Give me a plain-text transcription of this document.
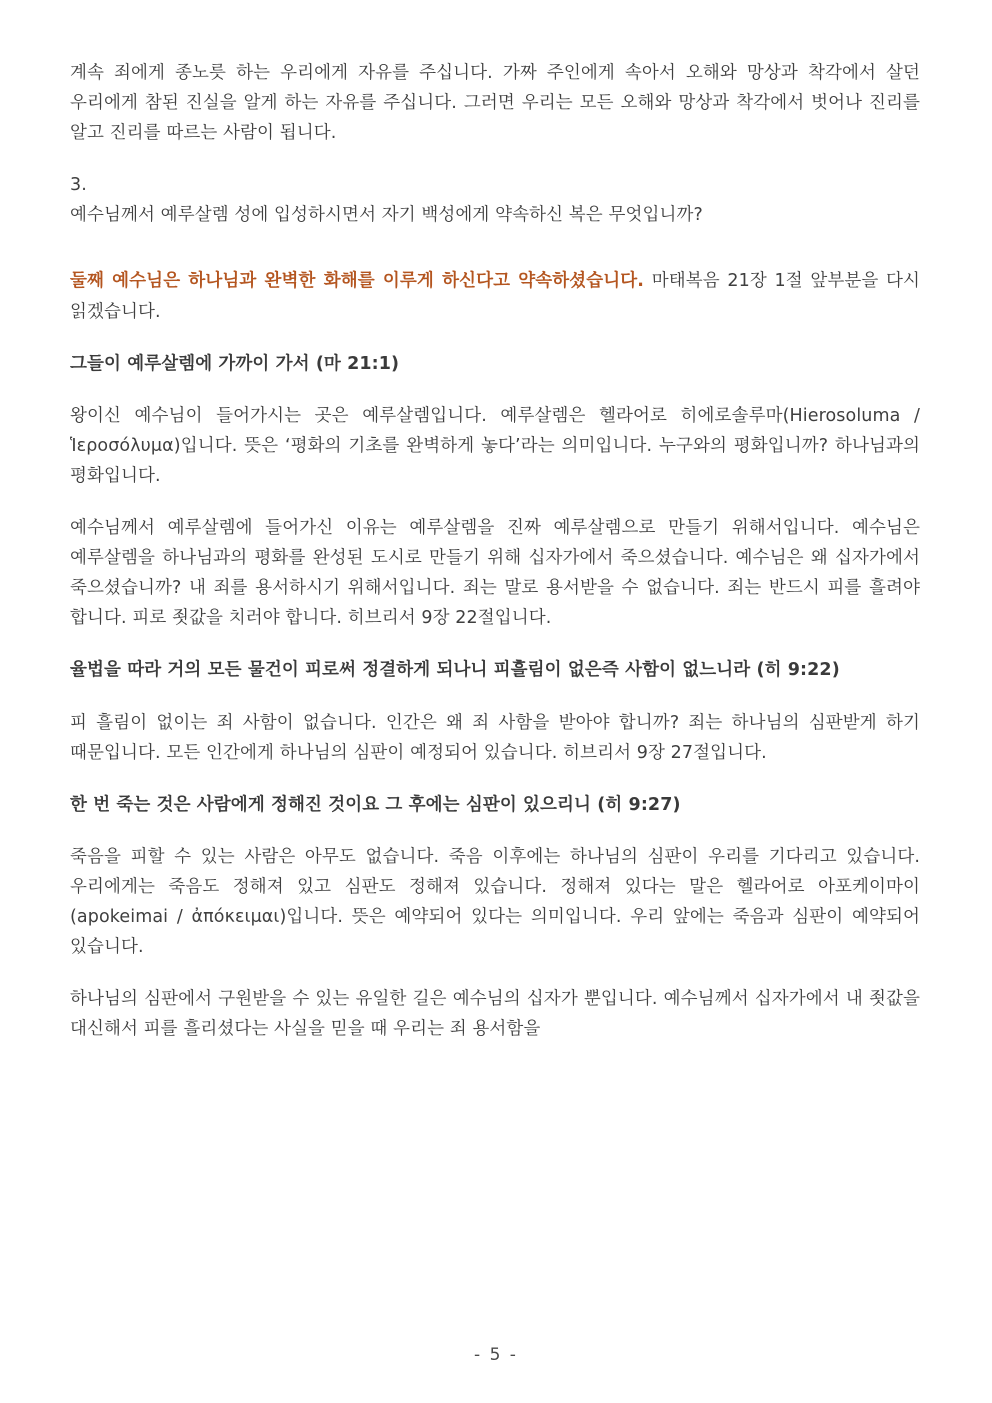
계속 죄에게 종노릇 하는 우리에게 자유를 주십니다. 가짜 주인에게 속아서 오해와 망상과 착각에서 살던 우리에게 참된 진실을 알게 하는 자유를 주십니다. 그러면 우리는 모든 오해와 망상과 착각에서 벗어나 진리를 알고 진리를 따르는 사람이 됩니다.

3.

예수님께서 예루살렘 성에 입성하시면서 자기 백성에게 약속하신 복은 무엇입니까?

둘째 예수님은 하나님과 완벽한 화해를 이루게 하신다고 약속하셨습니다. 마태복음 21장 1절 앞부분을 다시 읽겠습니다.

그들이 예루살렘에 가까이 가서 (마 21:1)

왕이신 예수님이 들어가시는 곳은 예루살렘입니다. 예루살렘은 헬라어로 히에로솔루마(Hierosoluma / Ἱεροσόλυμα)입니다. 뜻은 ‘평화의 기초를 완벽하게 놓다’라는 의미입니다. 누구와의 평화입니까? 하나님과의 평화입니다.

예수님께서 예루살렘에 들어가신 이유는 예루살렘을 진짜 예루살렘으로 만들기 위해서입니다. 예수님은 예루살렘을 하나님과의 평화를 완성된 도시로 만들기 위해 십자가에서 죽으셨습니다. 예수님은 왜 십자가에서 죽으셨습니까? 내 죄를 용서하시기 위해서입니다. 죄는 말로 용서받을 수 없습니다. 죄는 반드시 피를 흘려야 합니다. 피로 죗값을 치러야 합니다. 히브리서 9장 22절입니다.

율법을 따라 거의 모든 물건이 피로써 정결하게 되나니 피흘림이 없은즉 사함이 없느니라 (히 9:22)

피 흘림이 없이는 죄 사함이 없습니다. 인간은 왜 죄 사함을 받아야 합니까? 죄는 하나님의 심판받게 하기 때문입니다. 모든 인간에게 하나님의 심판이 예정되어 있습니다. 히브리서 9장 27절입니다.

한 번 죽는 것은 사람에게 정해진 것이요 그 후에는 심판이 있으리니 (히 9:27)

죽음을 피할 수 있는 사람은 아무도 없습니다. 죽음 이후에는 하나님의 심판이 우리를 기다리고 있습니다. 우리에게는 죽음도 정해져 있고 심판도 정해져 있습니다. 정해져 있다는 말은 헬라어로 아포케이마이(apokeimai / ἀπόκειμαι)입니다. 뜻은 예약되어 있다는 의미입니다. 우리 앞에는 죽음과 심판이 예약되어 있습니다.

하나님의 심판에서 구원받을 수 있는 유일한 길은 예수님의 십자가 뿐입니다. 예수님께서 십자가에서 내 죗값을 대신해서 피를 흘리셨다는 사실을 믿을 때 우리는 죄 용서함을

- 5 -
